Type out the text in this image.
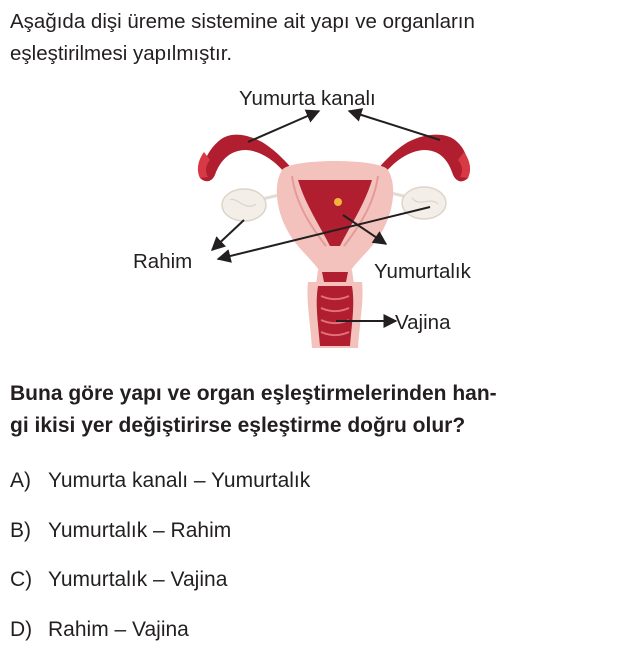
Aşağıda dişi üreme sistemine ait yapı ve organların
eşleştirilmesi yapılmıştır.
Yumurta kanalı
Rahim	Yumurtalık
Vajina
Buna göre yapı ve organ eşleştirmelerinden han-
gi ikisi yer değiştirirse eşleştirme doğru olur?
A) Yumurta kanalı – Yumurtalık
B) Yumurtalık – Rahim
C) Yumurtalık – Vajina
D) Rahim – Vajina
